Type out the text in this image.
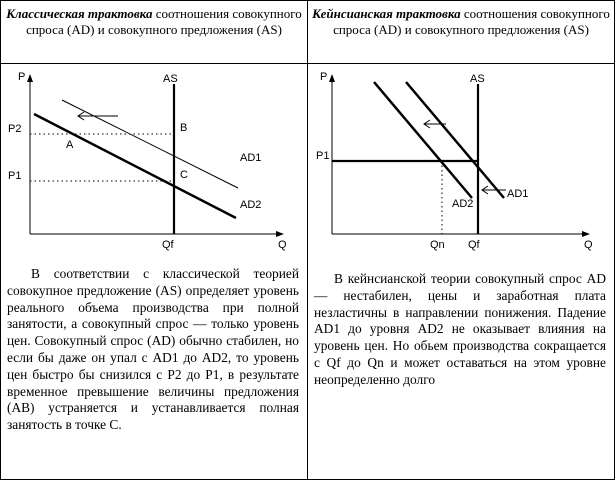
Классическая трактовка соотношения совокупного спроса (AD) и совокупного предложения (AS)
Кейнсианская трактовка соотношения совокупного спроса (AD) и совокупного предложения (AS)
P	AS
P2
P1
A
B
C
AD1
AD2
Qf	Q
P	AS
P1
AD1
AD2
Qn Qf	Q

В соответствии с классической теорией совокупное предложение (AS) определяет уровень реального объема производства при полной занятости, а совокупный спрос — только уровень цен. Совокупный спрос (AD) обычно стабилен, но если бы даже он упал с AD1 до AD2, то уровень цен быстро бы снизился с P2 до P1, в результате временное превышение величины предложения (AB) устраняется и устанавливается полная занятость в точке С.

В кейнсианской теории совокупный спрос AD — нестабилен, цены и заработная плата незластичны в направлении понижения. Падение AD1 до уровня AD2 не оказывает влияния на уровень цен. Но обьем производства сокращается с Qf до Qn и может оставаться на этом уровне неопределенно долго
